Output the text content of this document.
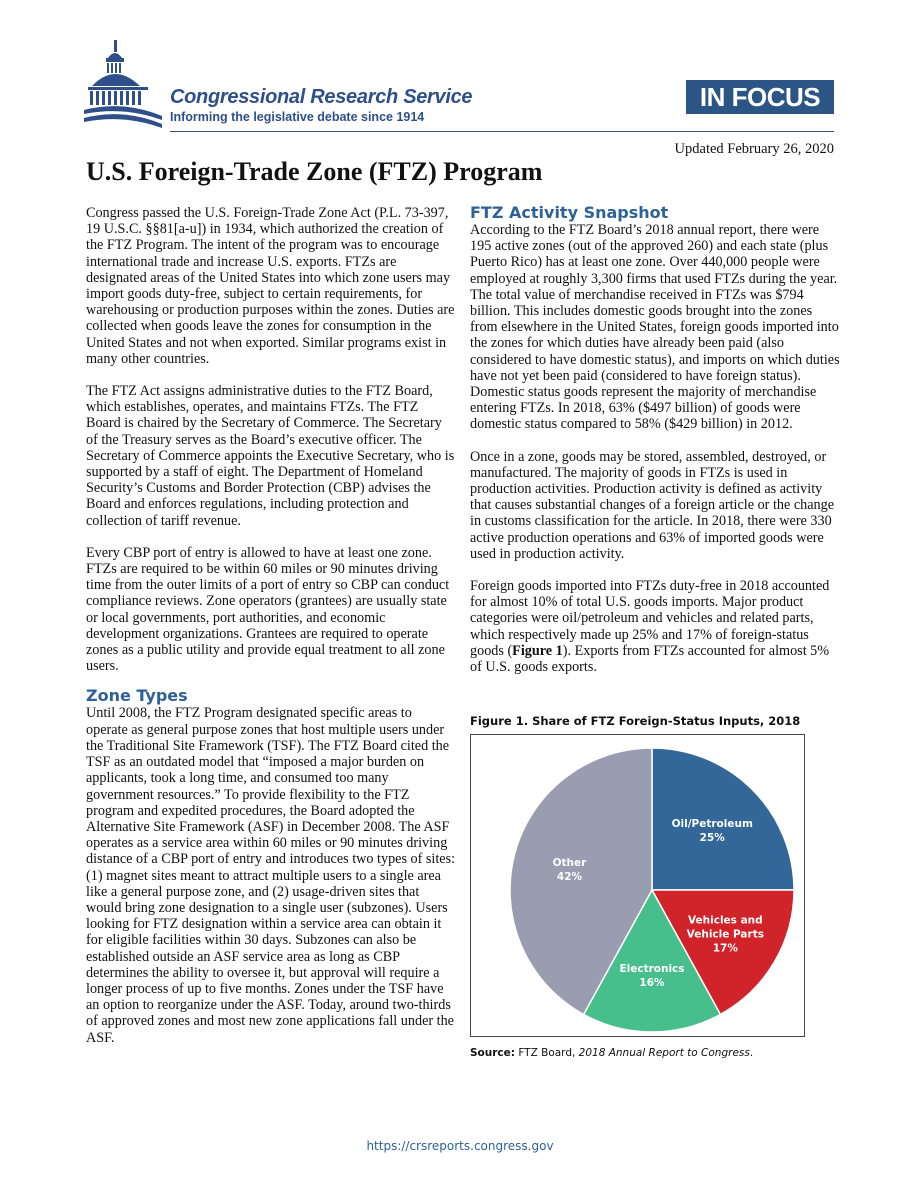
Congressional Research Service
Informing the legislative debate since 1914
IN FOCUS
Updated February 26, 2020
U.S. Foreign-Trade Zone (FTZ) Program

Congress passed the U.S. Foreign-Trade Zone Act (P.L. 73-397, 19 U.S.C. §§81[a-u]) in 1934, which authorized the creation of the FTZ Program. The intent of the program was to encourage international trade and increase U.S. exports. FTZs are designated areas of the United States into which zone users may import goods duty-free, subject to certain requirements, for warehousing or production purposes within the zones. Duties are collected when goods leave the zones for consumption in the United States and not when exported. Similar programs exist in many other countries.

The FTZ Act assigns administrative duties to the FTZ Board, which establishes, operates, and maintains FTZs. The FTZ Board is chaired by the Secretary of Commerce. The Secretary of the Treasury serves as the Board’s executive officer. The Secretary of Commerce appoints the Executive Secretary, who is supported by a staff of eight. The Department of Homeland Security’s Customs and Border Protection (CBP) advises the Board and enforces regulations, including protection and collection of tariff revenue.

Every CBP port of entry is allowed to have at least one zone. FTZs are required to be within 60 miles or 90 minutes driving time from the outer limits of a port of entry so CBP can conduct compliance reviews. Zone operators (grantees) are usually state or local governments, port authorities, and economic development organizations. Grantees are required to operate zones as a public utility and provide equal treatment to all zone users.

Zone Types

Until 2008, the FTZ Program designated specific areas to operate as general purpose zones that host multiple users under the Traditional Site Framework (TSF). The FTZ Board cited the TSF as an outdated model that “imposed a major burden on applicants, took a long time, and consumed too many government resources.” To provide flexibility to the FTZ program and expedited procedures, the Board adopted the Alternative Site Framework (ASF) in December 2008. The ASF operates as a service area within 60 miles or 90 minutes driving distance of a CBP port of entry and introduces two types of sites: (1) magnet sites meant to attract multiple users to a single area like a general purpose zone, and (2) usage-driven sites that would bring zone designation to a single user (subzones). Users looking for FTZ designation within a service area can obtain it for eligible facilities within 30 days. Subzones can also be established outside an ASF service area as long as CBP determines the ability to oversee it, but approval will require a longer process of up to five months. Zones under the TSF have an option to reorganize under the ASF. Today, around two-thirds of approved zones and most new zone applications fall under the ASF.

FTZ Activity Snapshot

According to the FTZ Board’s 2018 annual report, there were 195 active zones (out of the approved 260) and each state (plus Puerto Rico) has at least one zone. Over 440,000 people were employed at roughly 3,300 firms that used FTZs during the year. The total value of merchandise received in FTZs was $794 billion. This includes domestic goods brought into the zones from elsewhere in the United States, foreign goods imported into the zones for which duties have already been paid (also considered to have domestic status), and imports on which duties have not yet been paid (considered to have foreign status). Domestic status goods represent the majority of merchandise entering FTZs. In 2018, 63% ($497 billion) of goods were domestic status compared to 58% ($429 billion) in 2012.

Once in a zone, goods may be stored, assembled, destroyed, or manufactured. The majority of goods in FTZs is used in production activities. Production activity is defined as activity that causes substantial changes of a foreign article or the change in customs classification for the article. In 2018, there were 330 active production operations and 63% of imported goods were used in production activity.

Foreign goods imported into FTZs duty-free in 2018 accounted for almost 10% of total U.S. goods imports. Major product categories were oil/petroleum and vehicles and related parts, which respectively made up 25% and 17% of foreign-status goods (Figure 1). Exports from FTZs accounted for almost 5% of U.S. goods exports.

Figure 1. Share of FTZ Foreign-Status Inputs, 2018
Oil/Petroleum
25%
Vehicles and
Vehicle Parts
17%
Electronics
16%
Other
42%
Source: FTZ Board, 2018 Annual Report to Congress.
https://crsreports.congress.gov
